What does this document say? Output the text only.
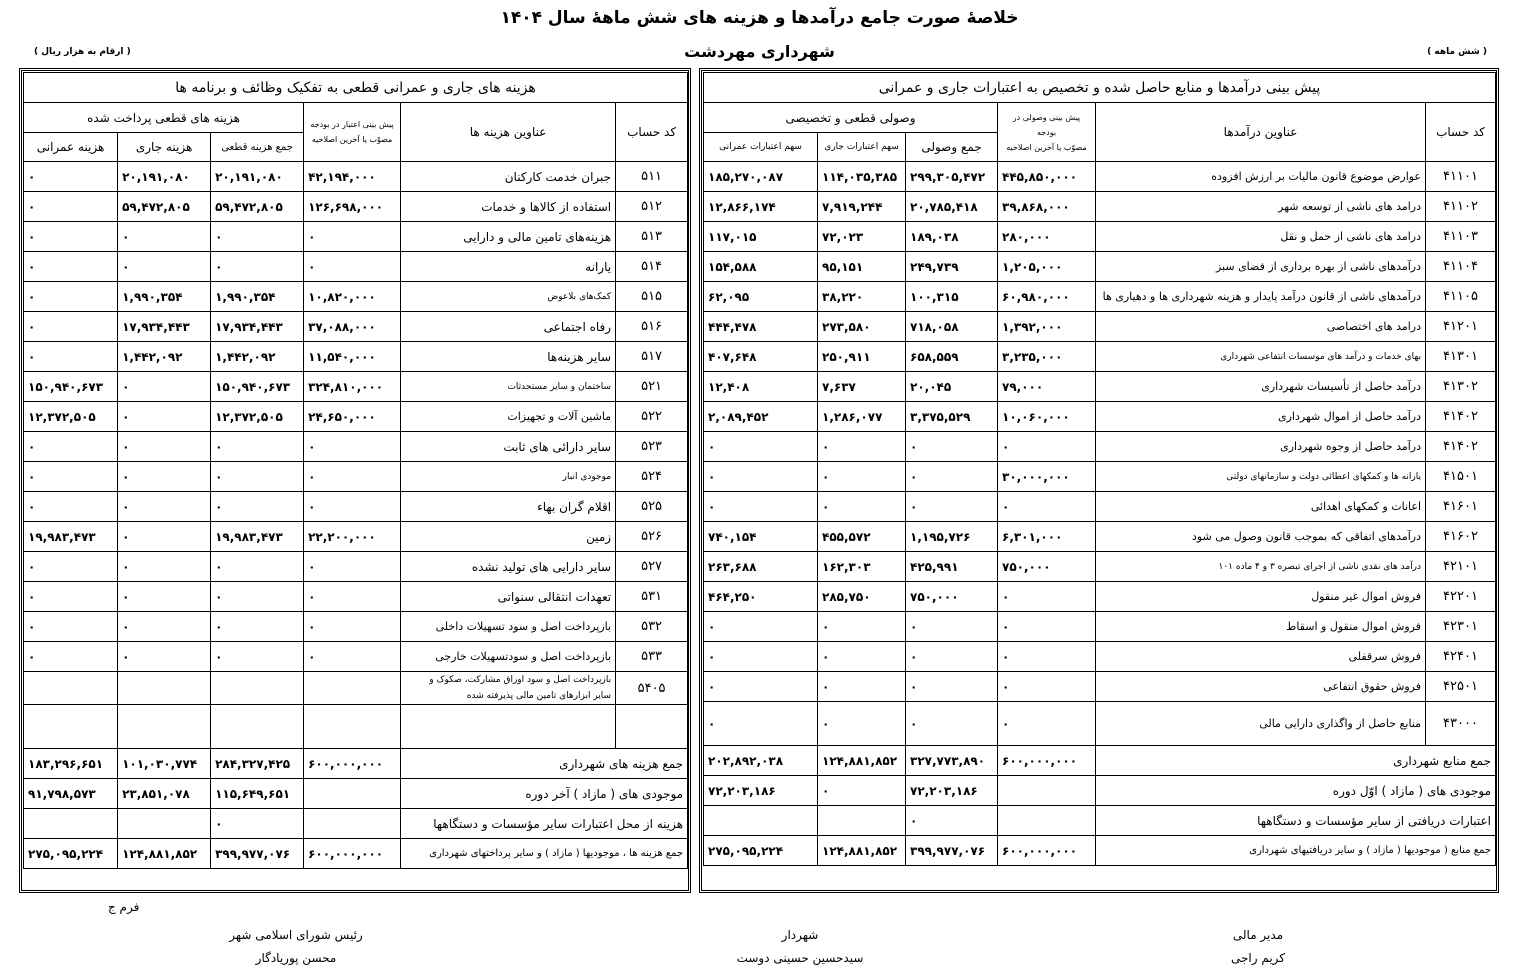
خلاصهٔ صورت جامع درآمدها و هزینه های شش ماههٔ سال ۱۴۰۴
شهرداری مهردشت
( ارقام به هزار ریال )	( شش ماهه )
پیش بینی درآمدها و منابع حاصل شده و تخصیص به اعتبارات جاری و عمرانی					
کد حساب	عناوین درآمدها	پیش بینی وصولی در بودجه
مصوّب یا آخرین اصلاحیه	وصولی قطعی و تخصیصی		
			جمع وصولی	سهم اعتبارات جاری	سهم اعتبارات عمرانی
۴۱۱۰۱	عوارض موضوع قانون مالیات بر ارزش افزوده	۴۴۵,۸۵۰,۰۰۰	۲۹۹,۳۰۵,۴۷۲	۱۱۴,۰۳۵,۳۸۵	۱۸۵,۲۷۰,۰۸۷
۴۱۱۰۲	درامد های ناشی از توسعه شهر	۳۹,۸۶۸,۰۰۰	۲۰,۷۸۵,۴۱۸	۷,۹۱۹,۲۴۴	۱۲,۸۶۶,۱۷۴
۴۱۱۰۳	درامد های ناشی از حمل و نقل	۲۸۰,۰۰۰	۱۸۹,۰۳۸	۷۲,۰۲۳	۱۱۷,۰۱۵
۴۱۱۰۴	درآمدهای ناشی از بهره برداری از فضای سبز	۱,۲۰۵,۰۰۰	۲۴۹,۷۳۹	۹۵,۱۵۱	۱۵۴,۵۸۸
۴۱۱۰۵	درآمدهای ناشی از قانون درآمد پایدار و هزینه شهرداری ها و دهیاری ها	۶۰,۹۸۰,۰۰۰	۱۰۰,۳۱۵	۳۸,۲۲۰	۶۲,۰۹۵
۴۱۲۰۱	درامد های اختصاصی	۱,۳۹۲,۰۰۰	۷۱۸,۰۵۸	۲۷۳,۵۸۰	۴۴۴,۴۷۸
۴۱۳۰۱	بهای خدمات و درآمد های موسسات انتفاعی شهرداری	۳,۲۳۵,۰۰۰	۶۵۸,۵۵۹	۲۵۰,۹۱۱	۴۰۷,۶۴۸
۴۱۳۰۲	درآمد حاصل از تأسیسات شهرداری	۷۹,۰۰۰	۲۰,۰۴۵	۷,۶۳۷	۱۲,۴۰۸
۴۱۴۰۲	درآمد حاصل از اموال شهرداری	۱۰,۰۶۰,۰۰۰	۳,۳۷۵,۵۲۹	۱,۲۸۶,۰۷۷	۲,۰۸۹,۴۵۲
۴۱۴۰۲	درآمد حاصل از وجوه شهرداری	۰	۰	۰	۰
۴۱۵۰۱	یارانه ها و کمکهای اعطائی دولت و سازمانهای دولتی	۳۰,۰۰۰,۰۰۰	۰	۰	۰
۴۱۶۰۱	اعانات و کمکهای اهدائی	۰	۰	۰	۰
۴۱۶۰۲	درآمدهای اتفاقی که بموجب قانون وصول می شود	۶,۳۰۱,۰۰۰	۱,۱۹۵,۷۲۶	۴۵۵,۵۷۲	۷۴۰,۱۵۴
۴۲۱۰۱	درآمد های نقدی ناشی از اجرای تبصره ۳ و ۴ ماده ۱۰۱	۷۵۰,۰۰۰	۴۲۵,۹۹۱	۱۶۲,۳۰۳	۲۶۳,۶۸۸
۴۲۲۰۱	فروش اموال غیر منقول	۰	۷۵۰,۰۰۰	۲۸۵,۷۵۰	۴۶۴,۲۵۰
۴۲۳۰۱	فروش اموال منقول و اسقاط	۰	۰	۰	۰
۴۲۴۰۱	فروش سرقفلی	۰	۰	۰	۰
۴۲۵۰۱	فروش حقوق انتفاعی	۰	۰	۰	۰
۴۳۰۰۰	منابع حاصل از واگذاری دارایی مالی	۰	۰	۰	۰
جمع منابع شهرداری		۶۰۰,۰۰۰,۰۰۰	۳۲۷,۷۷۳,۸۹۰	۱۲۴,۸۸۱,۸۵۲	۲۰۲,۸۹۲,۰۳۸
موجودی های ( مازاد ) اوّل دوره			۷۲,۲۰۳,۱۸۶	۰	۷۲,۲۰۳,۱۸۶
اعتبارات دریافتی از سایر مؤسسات و دستگاهها			۰		
جمع منابع ( موجودیها ( مازاد ) و سایر دریافتیهای شهرداری		۶۰۰,۰۰۰,۰۰۰	۳۹۹,۹۷۷,۰۷۶	۱۲۴,۸۸۱,۸۵۲	۲۷۵,۰۹۵,۲۲۴
هزینه های جاری و عمرانی قطعی به تفکیک وظائف و برنامه ها					
کد حساب	عناوین هزینه ها	پیش بینی اعتبار در بودجه
مصوّب یا آخرین اصلاحیه	هزینه های قطعی پرداخت شده		
			جمع هزینه قطعی	هزینه جاری	هزینه عمرانی
۵۱۱	جبران خدمت کارکنان	۴۲,۱۹۴,۰۰۰	۲۰,۱۹۱,۰۸۰	۲۰,۱۹۱,۰۸۰	۰
۵۱۲	استفاده از کالاها و خدمات	۱۲۶,۶۹۸,۰۰۰	۵۹,۴۷۲,۸۰۵	۵۹,۴۷۲,۸۰۵	۰
۵۱۳	هزینه‌های تامین مالی و دارایی	۰	۰	۰	۰
۵۱۴	یارانه	۰	۰	۰	۰
۵۱۵	کمک‌های بلاعوض	۱۰,۸۲۰,۰۰۰	۱,۹۹۰,۳۵۴	۱,۹۹۰,۳۵۴	۰
۵۱۶	رفاه اجتماعی	۳۷,۰۸۸,۰۰۰	۱۷,۹۳۴,۴۴۳	۱۷,۹۳۴,۴۴۳	۰
۵۱۷	سایر هزینه‌ها	۱۱,۵۴۰,۰۰۰	۱,۴۴۲,۰۹۲	۱,۴۴۲,۰۹۲	۰
۵۲۱	ساختمان و سایر مستحدثات	۳۲۴,۸۱۰,۰۰۰	۱۵۰,۹۴۰,۶۷۳	۰	۱۵۰,۹۴۰,۶۷۳
۵۲۲	ماشین آلات و تجهیزات	۲۴,۶۵۰,۰۰۰	۱۲,۳۷۲,۵۰۵	۰	۱۲,۳۷۲,۵۰۵
۵۲۳	سایر دارائی های ثابت	۰	۰	۰	۰
۵۲۴	موجودی انبار	۰	۰	۰	۰
۵۲۵	اقلام گران بهاء	۰	۰	۰	۰
۵۲۶	زمین	۲۲,۲۰۰,۰۰۰	۱۹,۹۸۳,۴۷۳	۰	۱۹,۹۸۳,۴۷۳
۵۲۷	سایر دارایی های تولید نشده	۰	۰	۰	۰
۵۳۱	تعهدات انتقالی سنواتی	۰	۰	۰	۰
۵۳۲	بازپرداخت اصل و سود تسهیلات داخلی	۰	۰	۰	۰
۵۳۳	بازپرداخت اصل و سودتسهیلات خارجی	۰	۰	۰	۰
۵۴۰۵	بازپرداخت اصل و سود اوراق مشارکت، صکوک و
سایر ابزارهای تامین مالی پذیرفته شده				

جمع هزینه های شهرداری		۶۰۰,۰۰۰,۰۰۰	۲۸۴,۳۲۷,۴۲۵	۱۰۱,۰۳۰,۷۷۴	۱۸۳,۲۹۶,۶۵۱
موجودی های ( مازاد ) آخر دوره			۱۱۵,۶۴۹,۶۵۱	۲۳,۸۵۱,۰۷۸	۹۱,۷۹۸,۵۷۳
هزینه از محل اعتبارات سایر مؤسسات و دستگاهها			۰		
جمع هزینه ها ، موجودیها ( مازاد ) و سایر پرداختهای شهرداری		۶۰۰,۰۰۰,۰۰۰	۳۹۹,۹۷۷,۰۷۶	۱۲۴,۸۸۱,۸۵۲	۲۷۵,۰۹۵,۲۲۴
فرم ج
مدیر مالی
کریم راجی
شهردار
سیدحسین حسینی دوست
رئیس شورای اسلامی شهر
محسن پوریادگار
